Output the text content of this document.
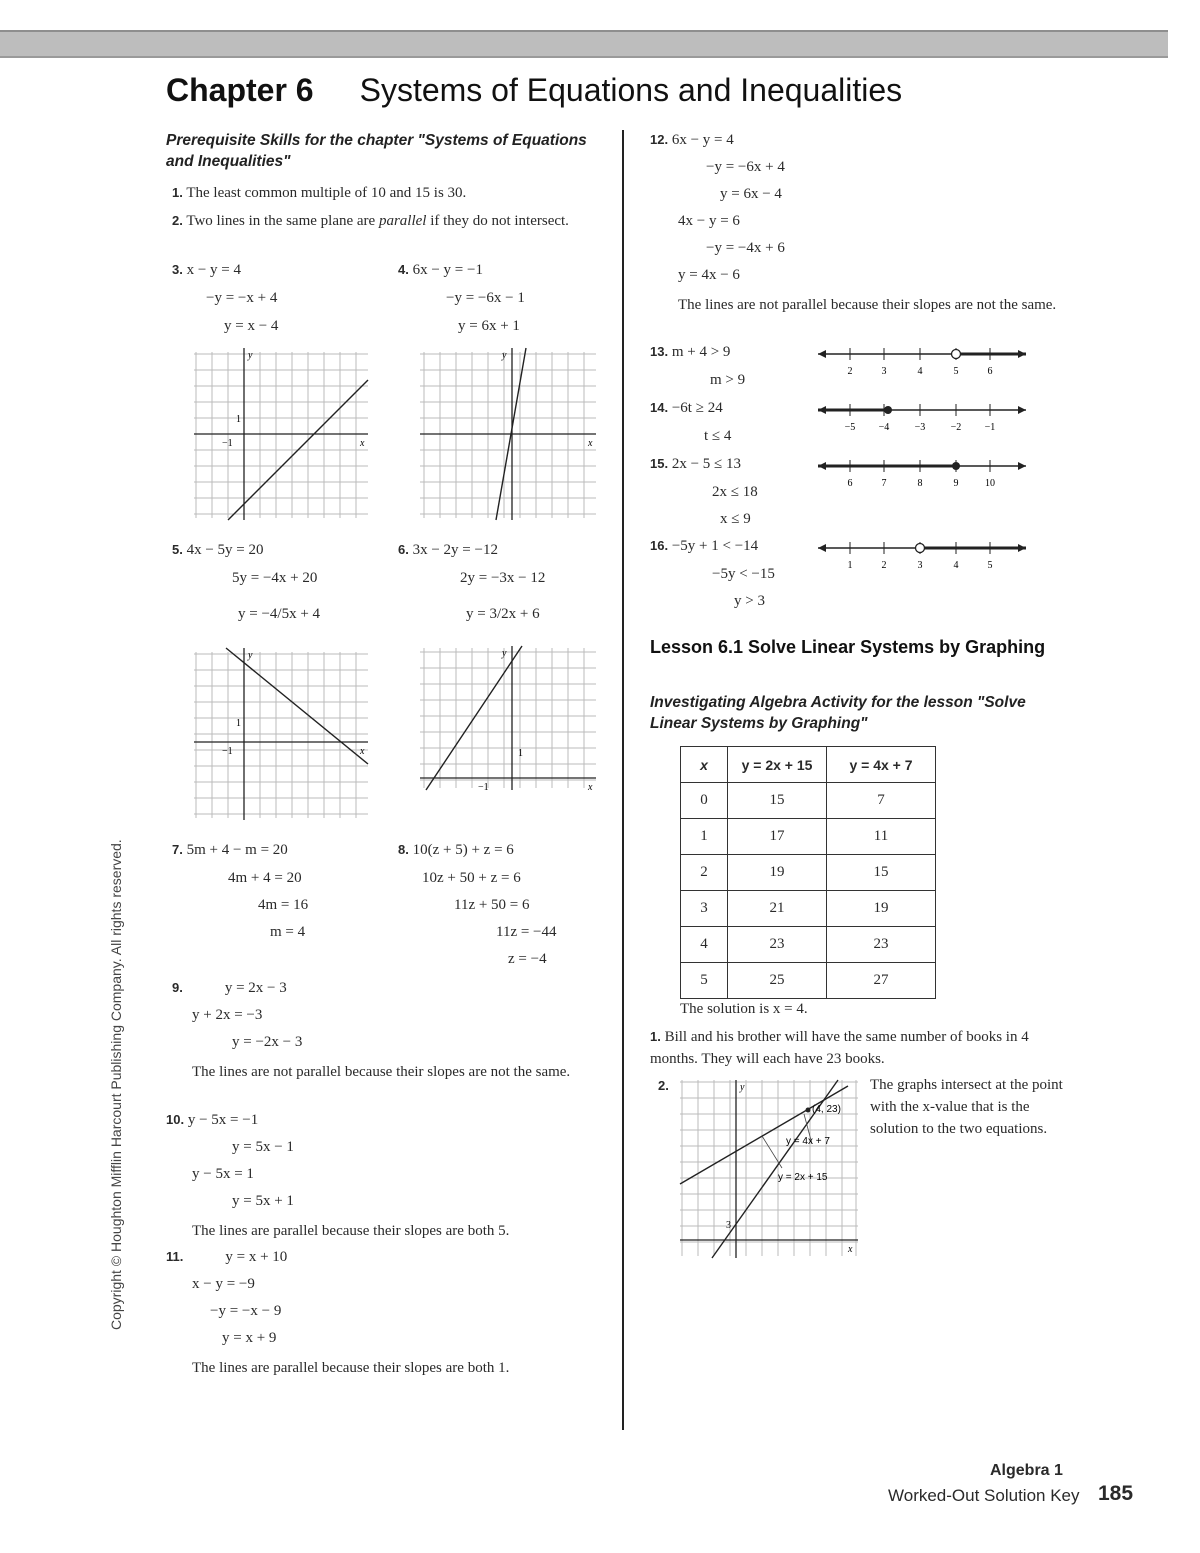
Chapter 6 Systems of Equations and Inequalities
Copyright © Houghton Mifflin Harcourt Publishing Company. All rights reserved.
Prerequisite Skills for the chapter "Systems of Equations and Inequalities"
1. The least common multiple of 10 and 15 is 30.
2. Two lines in the same plane are parallel if they do not intersect.
3. x − y = 4
−y = −x + 4
y = x − 4
4. 6x − y = −1
−y = −6x − 1
y = 6x + 1
y
x
1
−1
y
x
5. 4x − 5y = 20
5y = −4x + 20
y = −4/5x + 4
6. 3x − 2y = −12
2y = −3x − 12
y = 3/2x + 6
y
x
1
−1
y
x
1
−1
7. 5m + 4 − m = 20
4m + 4 = 20
4m = 16
m = 4
8. 10(z + 5) + z = 6
10z + 50 + z = 6
11z + 50 = 6
11z = −44
z = −4
9.	y = 2x − 3
y + 2x = −3
y = −2x − 3
The lines are not parallel because their slopes are not the same.
10. y − 5x = −1
y = 5x − 1
y − 5x = 1
y = 5x + 1
The lines are parallel because their slopes are both 5.
11.	y = x + 10
x − y = −9
−y = −x − 9
y = x + 9
The lines are parallel because their slopes are both 1.
12. 6x − y = 4
−y = −6x + 4
y = 6x − 4
4x − y = 6
−y = −4x + 6
y = 4x − 6
The lines are not parallel because their slopes are not the same.
13. m + 4 > 9
m > 9
2	3	4	5	6
14. −6t ≥ 24
t ≤ 4
−5 −4	−3	−2 −1
15. 2x − 5 ≤ 13
2x ≤ 18
x ≤ 9
6	7	8	9	10
16. −5y + 1 < −14
−5y < −15
y > 3
1	2	3	4	5
Lesson 6.1 Solve Linear Systems by Graphing
Investigating Algebra Activity for the lesson "Solve Linear Systems by Graphing"
x	y = 2x + 15	y = 4x + 7
0	15	7
1	17	11
2	19	15
3	21	19
4	23	23
5	25	27
The solution is x = 4.
1. Bill and his brother will have the same number of books in 4 months. They will each have 23 books.
2.	y
x
(4, 23)
y = 4x + 7
y = 2x + 15
3
The graphs intersect at the point with the x-value that is the solution to the two equations.
Algebra 1
Worked-Out Solution Key 185
